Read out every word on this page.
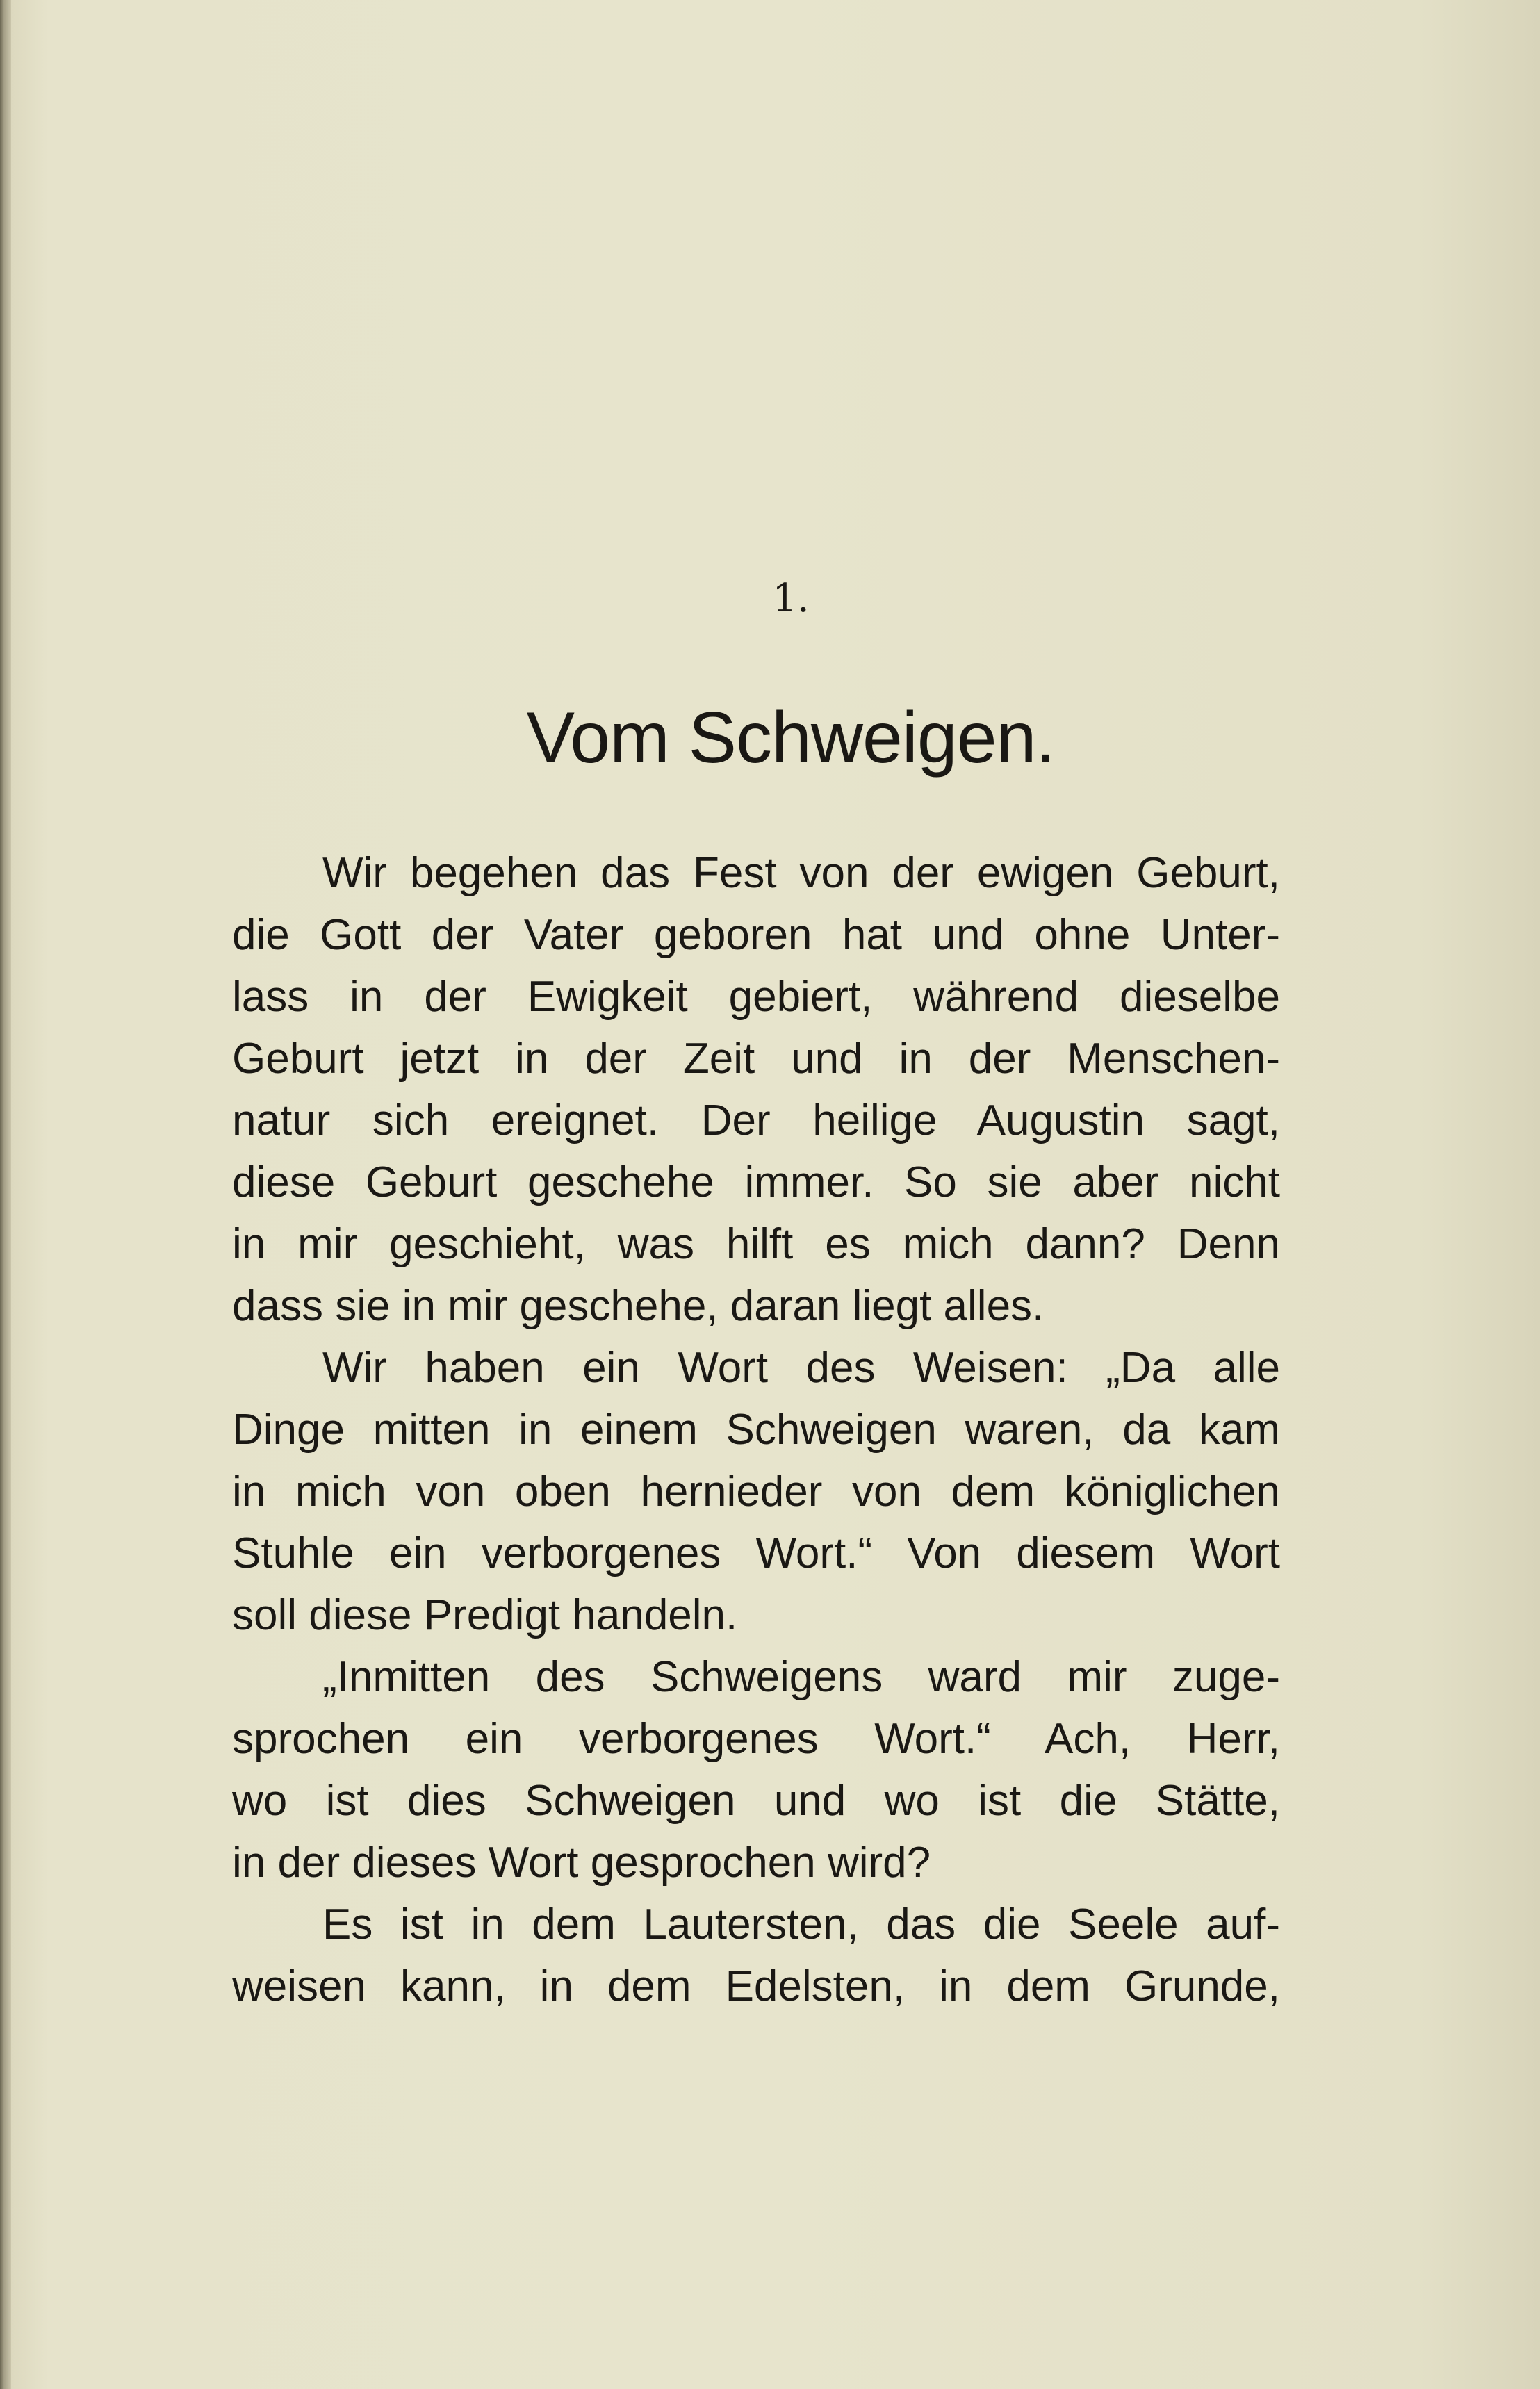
1.
Vom Schweigen.
Wir begehen das Fest von der ewigen Geburt,
die Gott der Vater geboren hat und ohne Unter-
lass in der Ewigkeit gebiert, während dieselbe
Geburt jetzt in der Zeit und in der Menschen-
natur sich ereignet. Der heilige Augustin sagt,
diese Geburt geschehe immer. So sie aber nicht
in mir geschieht, was hilft es mich dann? Denn
dass sie in mir geschehe, daran liegt alles.
Wir haben ein Wort des Weisen: „Da alle
Dinge mitten in einem Schweigen waren, da kam
in mich von oben hernieder von dem königlichen
Stuhle ein verborgenes Wort.“ Von diesem Wort
soll diese Predigt handeln.
„Inmitten des Schweigens ward mir zuge-
sprochen ein verborgenes Wort.“ Ach, Herr,
wo ist dies Schweigen und wo ist die Stätte,
in der dieses Wort gesprochen wird?
Es ist in dem Lautersten, das die Seele auf-
weisen kann, in dem Edelsten, in dem Grunde,
